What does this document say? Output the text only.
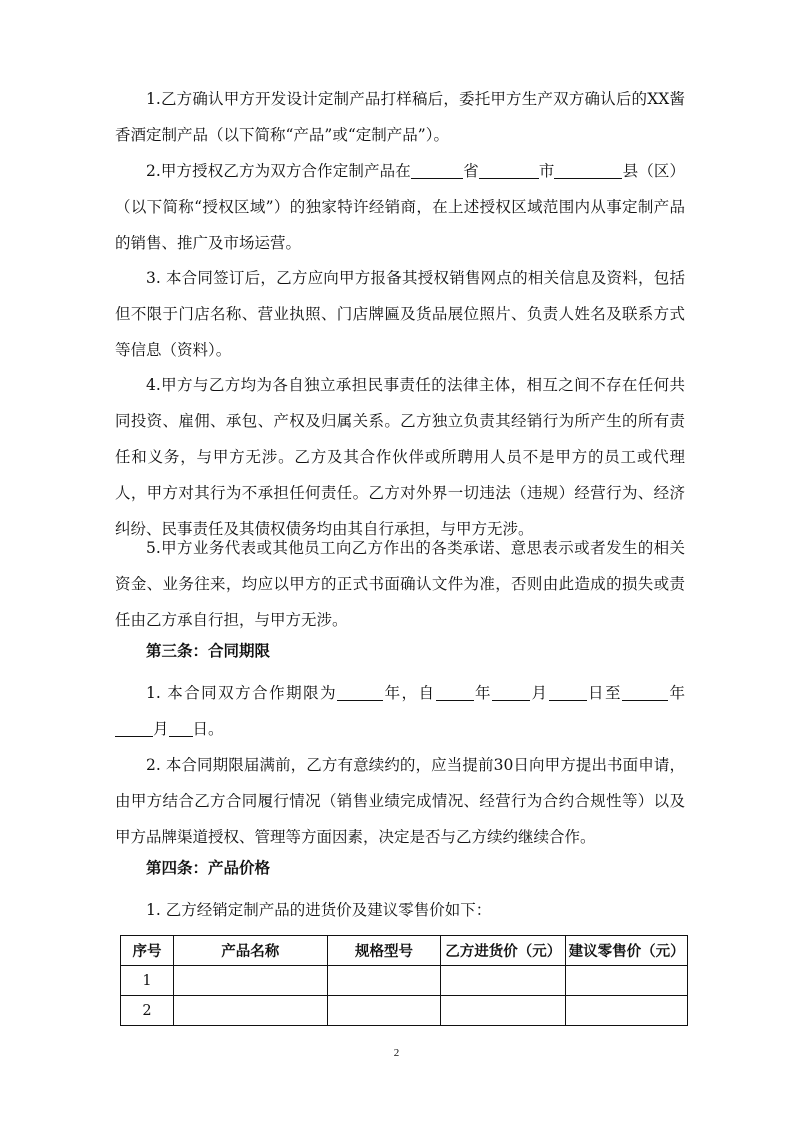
1.乙方确认甲方开发设计定制产品打样稿后，委托甲方生产双方确认后的XX酱香酒定制产品（以下简称“产品”或“定制产品”）。

2.甲方授权乙方为双方合作定制产品在	省	市	县（区）（以下简称“授权区域”）的独家特许经销商，在上述授权区域范围内从事定制产品的销售、推广及市场运营。

3. 本合同签订后，乙方应向甲方报备其授权销售网点的相关信息及资料，包括但不限于门店名称、营业执照、门店牌匾及货品展位照片、负责人姓名及联系方式等信息（资料）。

4.甲方与乙方均为各自独立承担民事责任的法律主体，相互之间不存在任何共同投资、雇佣、承包、产权及归属关系。乙方独立负责其经销行为所产生的所有责任和义务，与甲方无涉。乙方及其合作伙伴或所聘用人员不是甲方的员工或代理人，甲方对其行为不承担任何责任。乙方对外界一切违法（违规）经营行为、经济纠纷、民事责任及其债权债务均由其自行承担，与甲方无涉。

5.甲方业务代表或其他员工向乙方作出的各类承诺、意思表示或者发生的相关资金、业务往来，均应以甲方的正式书面确认文件为准，否则由此造成的损失或责任由乙方承自行担，与甲方无涉。

第三条：合同期限

1. 本合同双方合作期限为	年，自 年 月 日至	年月 日。

2. 本合同期限届满前，乙方有意续约的，应当提前30日向甲方提出书面申请，由甲方结合乙方合同履行情况（销售业绩完成情况、经营行为合约合规性等）以及甲方品牌渠道授权、管理等方面因素，决定是否与乙方续约继续合作。

第四条：产品价格

1. 乙方经销定制产品的进货价及建议零售价如下：

序号	产品名称	规格型号	乙方进货价（元）	建议零售价（元）
1				
2				
2
